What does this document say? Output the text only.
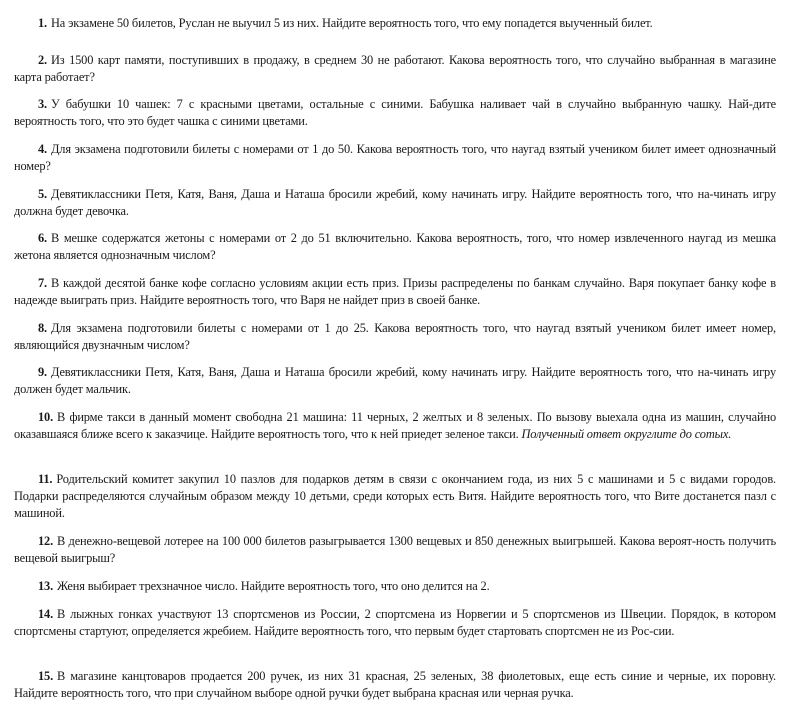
1. На экзамене 50 билетов, Руслан не выучил 5 из них. Найдите вероятность того, что ему попадется выученный билет.

2. Из 1500 карт памяти, поступивших в продажу, в среднем 30 не работают. Какова вероятность того, что случайно выбранная в магазине карта работает?

3. У бабушки 10 чашек: 7 с красными цветами, остальные с синими. Бабушка наливает чай в случайно выбранную чашку. Най-дите вероятность того, что это будет чашка с синими цветами.

4. Для экзамена подготовили билеты с номерами от 1 до 50. Какова вероятность того, что наугад взятый учеником билет имеет однозначный номер?

5. Девятиклассники Петя, Катя, Ваня, Даша и Наташа бросили жребий, кому начинать игру. Найдите вероятность того, что на-чинать игру должна будет девочка.

6. В мешке содержатся жетоны с номерами от 2 до 51 включительно. Какова вероятность, того, что номер извлеченного наугад из мешка жетона является однозначным числом?

7. В каждой десятой банке кофе согласно условиям акции есть приз. Призы распределены по банкам случайно. Варя покупает банку кофе в надежде выиграть приз. Найдите вероятность того, что Варя не найдет приз в своей банке.

8. Для экзамена подготовили билеты с номерами от 1 до 25. Какова вероятность того, что наугад взятый учеником билет имеет номер, являющийся двузначным числом?

9. Девятиклассники Петя, Катя, Ваня, Даша и Наташа бросили жребий, кому начинать игру. Найдите вероятность того, что на-чинать игру должен будет мальчик.

10. В фирме такси в данный момент свободна 21 машина: 11 черных, 2 желтых и 8 зеленых. По вызову выехала одна из машин, случайно оказавшаяся ближе всего к заказчице. Найдите вероятность того, что к ней приедет зеленое такси. Полученный ответ округлите до сотых.

11. Родительский комитет закупил 10 пазлов для подарков детям в связи с окончанием года, из них 5 с машинами и 5 с видами городов. Подарки распределяются случайным образом между 10 детьми, среди которых есть Витя. Найдите вероятность того, что Вите достанется пазл с машиной.

12. В денежно-вещевой лотерее на 100 000 билетов разыгрывается 1300 вещевых и 850 денежных выигрышей. Какова вероят-ность получить вещевой выигрыш?

13. Женя выбирает трехзначное число. Найдите вероятность того, что оно делится на 2.

14. В лыжных гонках участвуют 13 спортсменов из России, 2 спортсмена из Норвегии и 5 спортсменов из Швеции. Порядок, в котором спортсмены стартуют, определяется жребием. Найдите вероятность того, что первым будет стартовать спортсмен не из Рос-сии.

15. В магазине канцтоваров продается 200 ручек, из них 31 красная, 25 зеленых, 38 фиолетовых, еще есть синие и черные, их поровну. Найдите вероятность того, что при случайном выборе одной ручки будет выбрана красная или черная ручка.
